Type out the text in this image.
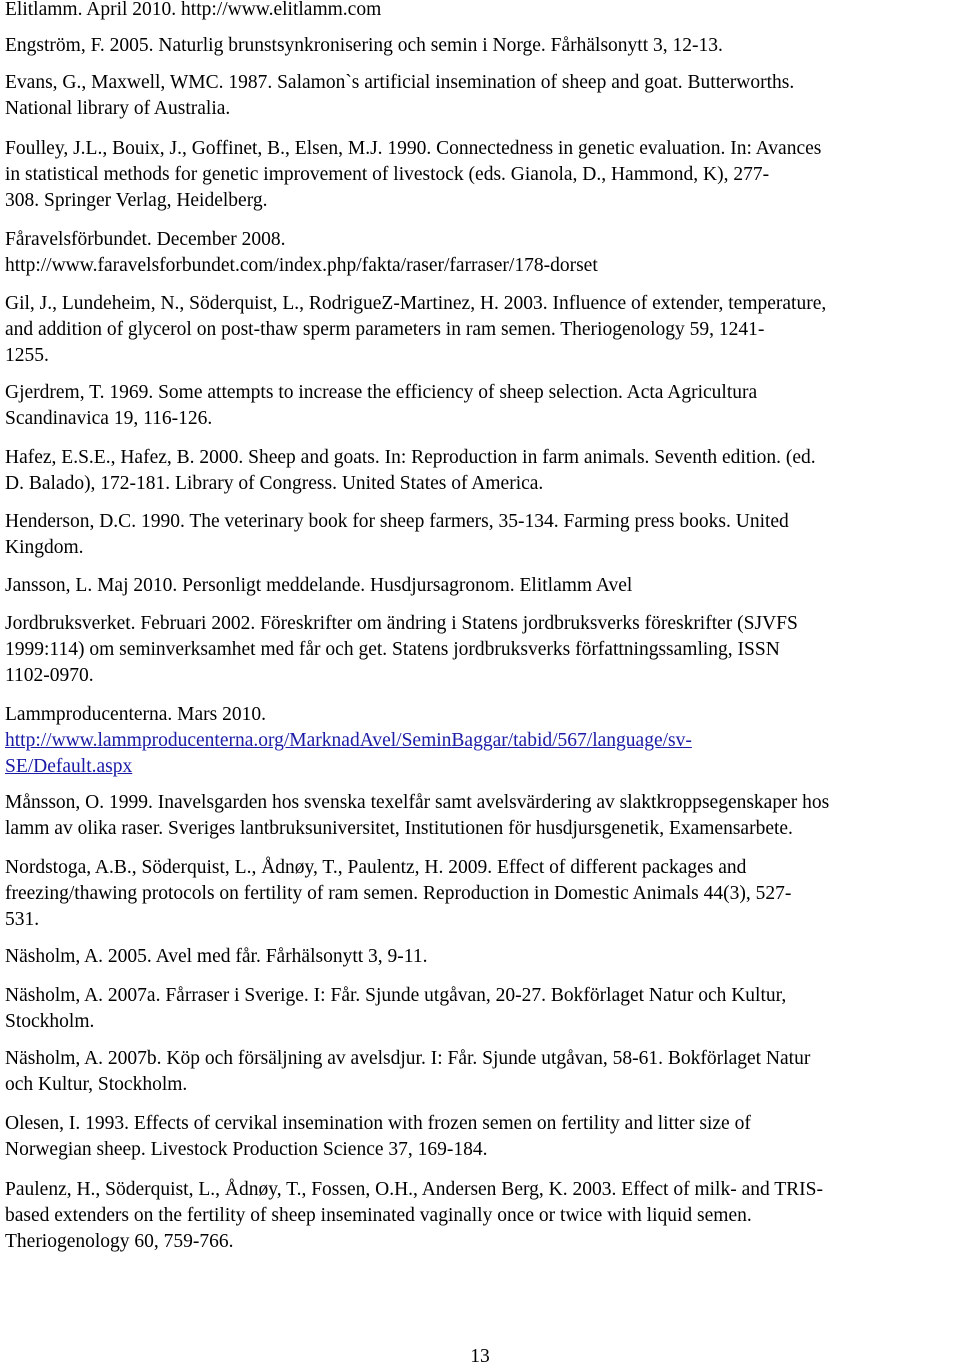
Elitlamm. April 2010. http://www.elitlamm.com
Engström, F. 2005. Naturlig brunstsynkronisering och semin i Norge. Fårhälsonytt 3, 12-13.
Evans, G., Maxwell, WMC. 1987. Salamon`s artificial insemination of sheep and goat. Butterworths.
National library of Australia.
Foulley, J.L., Bouix, J., Goffinet, B., Elsen, M.J. 1990. Connectedness in genetic evaluation. In: Avances
in statistical methods for genetic improvement of livestock (eds. Gianola, D., Hammond, K), 277-
308. Springer Verlag, Heidelberg.
Fåravelsförbundet. December 2008.
http://www.faravelsforbundet.com/index.php/fakta/raser/farraser/178-dorset
Gil, J., Lundeheim, N., Söderquist, L., RodrigueZ-Martinez, H. 2003. Influence of extender, temperature,
and addition of glycerol on post-thaw sperm parameters in ram semen. Theriogenology 59, 1241-
1255.
Gjerdrem, T. 1969. Some attempts to increase the efficiency of sheep selection. Acta Agricultura
Scandinavica 19, 116-126.
Hafez, E.S.E., Hafez, B. 2000. Sheep and goats. In: Reproduction in farm animals. Seventh edition. (ed.
D. Balado), 172-181. Library of Congress. United States of America.
Henderson, D.C. 1990. The veterinary book for sheep farmers, 35-134. Farming press books. United
Kingdom.
Jansson, L. Maj 2010. Personligt meddelande. Husdjursagronom. Elitlamm Avel
Jordbruksverket. Februari 2002. Föreskrifter om ändring i Statens jordbruksverks föreskrifter (SJVFS
1999:114) om seminverksamhet med får och get. Statens jordbruksverks författningssamling, ISSN
1102-0970.
Lammproducenterna. Mars 2010.
http://www.lammproducenterna.org/MarknadAvel/SeminBaggar/tabid/567/language/sv-
SE/Default.aspx
Månsson, O. 1999. Inavelsgarden hos svenska texelfår samt avelsvärdering av slaktkroppsegenskaper hos
lamm av olika raser. Sveriges lantbruksuniversitet, Institutionen för husdjursgenetik, Examensarbete.
Nordstoga, A.B., Söderquist, L., Ådnøy, T., Paulentz, H. 2009. Effect of different packages and
freezing/thawing protocols on fertility of ram semen. Reproduction in Domestic Animals 44(3), 527-
531.
Näsholm, A. 2005. Avel med får. Fårhälsonytt 3, 9-11.
Näsholm, A. 2007a. Fårraser i Sverige. I: Får. Sjunde utgåvan, 20-27. Bokförlaget Natur och Kultur,
Stockholm.
Näsholm, A. 2007b. Köp och försäljning av avelsdjur. I: Får. Sjunde utgåvan, 58-61. Bokförlaget Natur
och Kultur, Stockholm.
Olesen, I. 1993. Effects of cervikal insemination with frozen semen on fertility and litter size of
Norwegian sheep. Livestock Production Science 37, 169-184.
Paulenz, H., Söderquist, L., Ådnøy, T., Fossen, O.H., Andersen Berg, K. 2003. Effect of milk- and TRIS-
based extenders on the fertility of sheep inseminated vaginally once or twice with liquid semen.
Theriogenology 60, 759-766.
13
